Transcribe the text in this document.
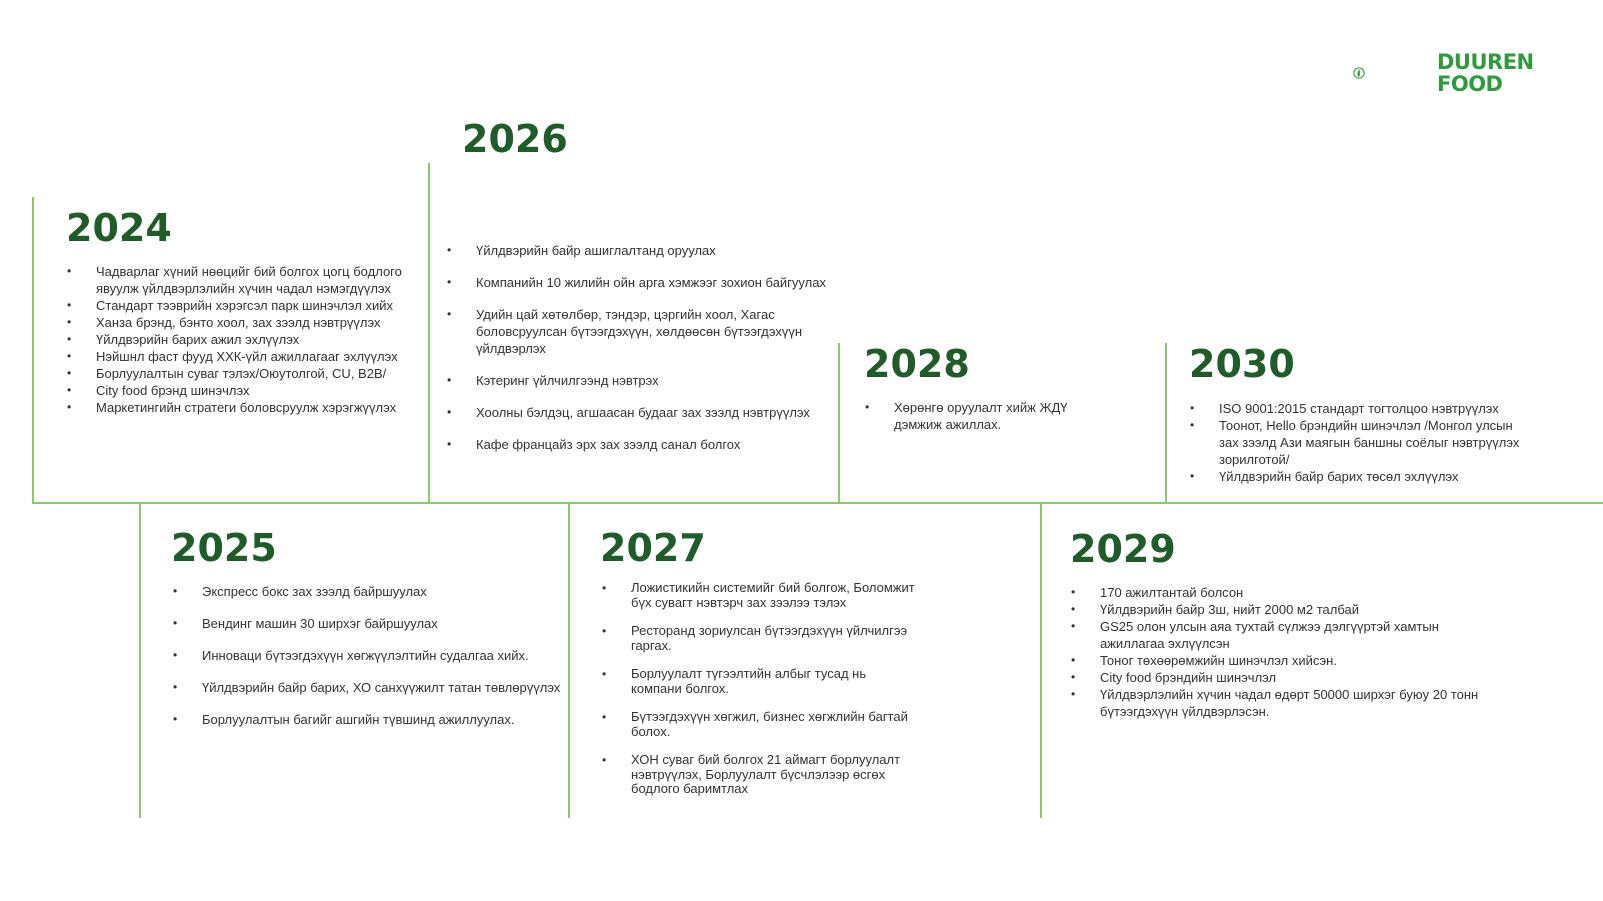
DUUREN
FOOD
2026
• Үйлдвэрийн байр ашиглалтанд оруулах
• Компанийн 10 жилийн ойн арга хэмжээг зохион байгуулах
• Удийн цай хөтөлбөр, тэндэр, цэргийн хоол, Хагас боловсруулсан бүтээгдэхүүн, хөлдөөсөн бүтээгдэхүүн үйлдвэрлэх
• Кэтеринг үйлчилгээнд нэвтрэх
• Хоолны бэлдэц, агшаасан будааг зах зээлд нэвтрүүлэх
• Кафе францайз эрх зах зээлд санал болгох
2024
• Чадварлаг хүний нөөцийг бий болгох цогц бодлого явуулж үйлдвэрлэлийн хүчин чадал нэмэгдүүлэх
• Стандарт тээврийн хэрэгсэл парк шинэчлэл хийх
• Ханза брэнд, бэнто хоол, зах зээлд нэвтрүүлэх
• Үйлдвэрийн барих ажил эхлүүлэх
• Нэйшнл фаст фууд ХХК-үйл ажиллагааг эхлүүлэх
• Борлуулалтын суваг тэлэх/Оюутолгой, CU, B2B/
• City food брэнд шинэчлэх
• Маркетингийн стратеги боловсруулж хэрэгжүүлэх
2028
• Хөрөнгө оруулалт хийж ЖДҮ дэмжиж ажиллах.
2030
• ISO 9001:2015 стандарт тогтолцоо нэвтрүүлэх
• Тоонот, Hello брэндийн шинэчлэл /Монгол улсын зах зээлд Ази маягын баншны соёлыг нэвтрүүлэх зорилготой/
• Үйлдвэрийн байр барих төсөл эхлүүлэх
2025
• Экспресс бокс зах зээлд байршуулах
• Вендинг машин 30 ширхэг байршуулах
• Инноваци бүтээгдэхүүн хөгжүүлэлтийн судалгаа хийх.
• Үйлдвэрийн байр барих, ХО санхүүжилт татан төвлөрүүлэх
• Борлуулалтын багийг ашгийн түвшинд ажиллуулах.
2027
• Ложистикийн системийг бий болгож, Боломжит бүх сувагт нэвтэрч зах зээлээ тэлэх
• Ресторанд зориулсан бүтээгдэхүүн үйлчилгээ гаргах.
• Борлуулалт түгээлтийн албыг тусад нь компани болгох.
• Бүтээгдэхүүн хөгжил, бизнес хөгжлийн багтай болох.
• ХОН суваг бий болгох 21 аймагт борлуулалт нэвтрүүлэх, Борлуулалт бүсчлэлээр өсгөх бодлого баримтлах
2029
• 170 ажилтантай болсон
• Үйлдвэрийн байр 3ш, нийт 2000 м2 талбай
• GS25 олон улсын аяа тухтай сүлжээ дэлгүүртэй хамтын ажиллагаа эхлүүлсэн
• Тоног төхөөрөмжийн шинэчлэл хийсэн.
• City food брэндийн шинэчлэл
• Үйлдвэрлэлийн хүчин чадал өдөрт 50000 ширхэг буюу 20 тонн бүтээгдэхүүн үйлдвэрлэсэн.
